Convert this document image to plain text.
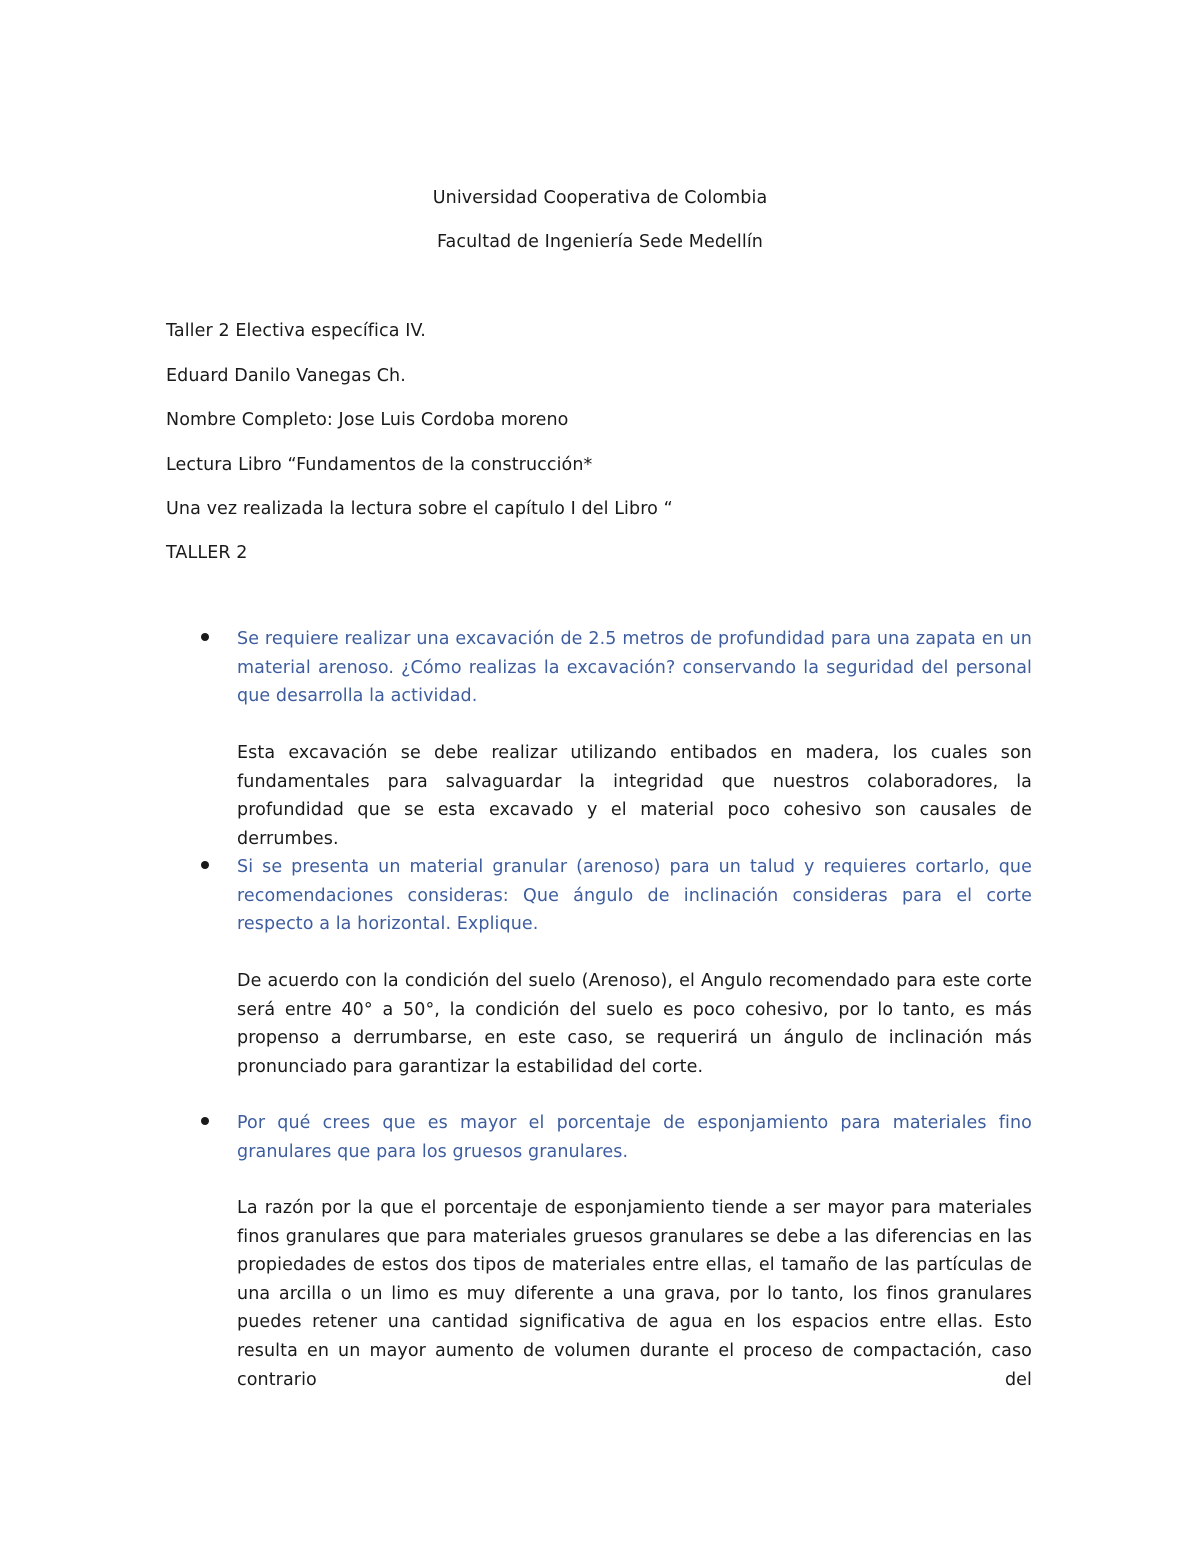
Universidad Cooperativa de Colombia
Facultad de Ingeniería Sede Medellín
Taller 2 Electiva específica IV.
Eduard Danilo Vanegas Ch.
Nombre Completo: Jose Luis Cordoba moreno
Lectura Libro “Fundamentos de la construcción*
Una vez realizada la lectura sobre el capítulo I del Libro “
TALLER 2
Se requiere realizar una excavación de 2.5 metros de profundidad para una zapata en un material arenoso. ¿Cómo realizas la excavación? conservando la seguridad del personal que desarrolla la actividad.
Esta excavación se debe realizar utilizando entibados en madera, los cuales son fundamentales para salvaguardar la integridad que nuestros colaboradores, la profundidad que se esta excavado y el material poco cohesivo son causales de derrumbes.
Si se presenta un material granular (arenoso) para un talud y requieres cortarlo, que recomendaciones consideras: Que ángulo de inclinación consideras para el corte respecto a la horizontal. Explique.
De acuerdo con la condición del suelo (Arenoso), el Angulo recomendado para este corte será entre 40° a 50°, la condición del suelo es poco cohesivo, por lo tanto, es más propenso a derrumbarse, en este caso, se requerirá un ángulo de inclinación más pronunciado para garantizar la estabilidad del corte.
Por qué crees que es mayor el porcentaje de esponjamiento para materiales fino granulares que para los gruesos granulares.
La razón por la que el porcentaje de esponjamiento tiende a ser mayor para materiales finos granulares que para materiales gruesos granulares se debe a las diferencias en las propiedades de estos dos tipos de materiales entre ellas, el tamaño de las partículas de una arcilla o un limo es muy diferente a una grava, por lo tanto, los finos granulares puedes retener una cantidad significativa de agua en los espacios entre ellas. Esto resulta en un mayor aumento de volumen durante el proceso de compactación, caso contrario del
